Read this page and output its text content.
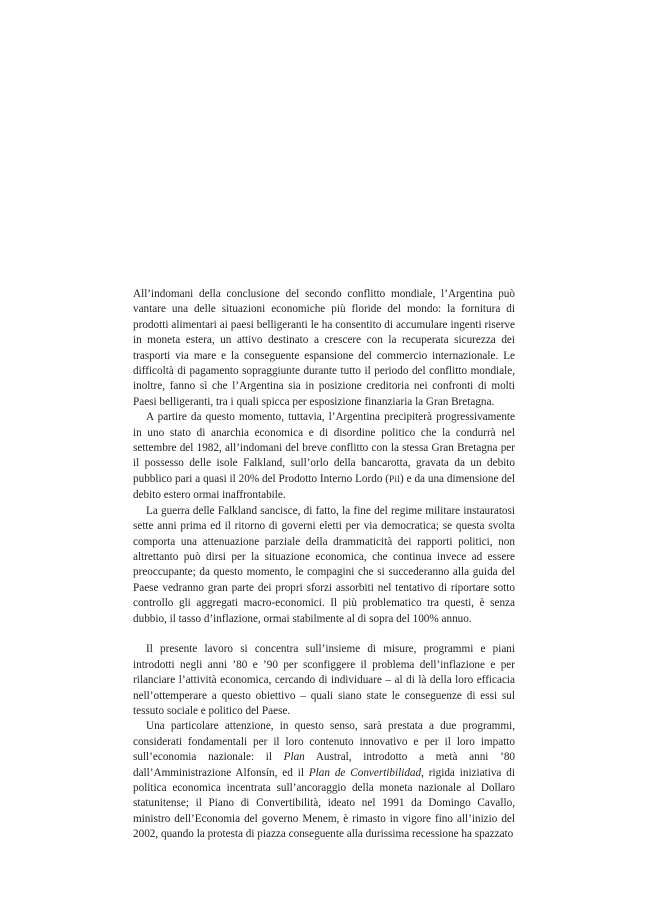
All’indomani della conclusione del secondo conflitto mondiale, l’Argentina può vantare una delle situazioni economiche più floride del mondo: la fornitura di prodotti alimentari ai paesi belligeranti le ha consentito di accumulare ingenti riserve in moneta estera, un attivo destinato a crescere con la recuperata sicurezza dei trasporti via mare e la conseguente espansione del commercio internazionale. Le difficoltà di pagamento sopraggiunte durante tutto il periodo del conflitto mondiale, inoltre, fanno sì che l’Argentina sia in posizione creditoria nei confronti di molti Paesi belligeranti, tra i quali spicca per esposizione finanziaria la Gran Bretagna.

A partire da questo momento, tuttavia, l’Argentina precipiterà progressivamente in uno stato di anarchia economica e di disordine politico che la condurrà nel settembre del 1982, all’indomani del breve conflitto con la stessa Gran Bretagna per il possesso delle isole Falkland, sull’orlo della bancarotta, gravata da un debito pubblico pari a quasi il 20% del Prodotto Interno Lordo (Pil) e da una dimensione del debito estero ormai inaffrontabile.

La guerra delle Falkland sancisce, di fatto, la fine del regime militare instauratosi sette anni prima ed il ritorno di governi eletti per via democratica; se questa svolta comporta una attenuazione parziale della drammaticità dei rapporti politici, non altrettanto può dirsi per la situazione economica, che continua invece ad essere preoccupante; da questo momento, le compagini che si succederanno alla guida del Paese vedranno gran parte dei propri sforzi assorbiti nel tentativo di riportare sotto controllo gli aggregati macro-economici. Il più problematico tra questi, è senza dubbio, il tasso d’inflazione, ormai stabilmente al di sopra del 100% annuo.

Il presente lavoro si concentra sull’insieme di misure, programmi e piani introdotti negli anni ’80 e ’90 per sconfiggere il problema dell’inflazione e per rilanciare l’attività economica, cercando di individuare – al di là della loro efficacia nell’ottemperare a questo obiettivo – quali siano state le conseguenze di essi sul tessuto sociale e politico del Paese.

Una particolare attenzione, in questo senso, sarà prestata a due programmi, considerati fondamentali per il loro contenuto innovativo e per il loro impatto sull’economia nazionale: il Plan Austral, introdotto a metà anni ’80 dall’Amministrazione Alfonsín, ed il Plan de Convertibilidad, rigida iniziativa di politica economica incentrata sull’ancoraggio della moneta nazionale al Dollaro statunitense; il Piano di Convertibilità, ideato nel 1991 da Domingo Cavallo, ministro dell’Economia del governo Menem, è rimasto in vigore fino all’inizio del 2002, quando la protesta di piazza conseguente alla durissima recessione ha spazzato
